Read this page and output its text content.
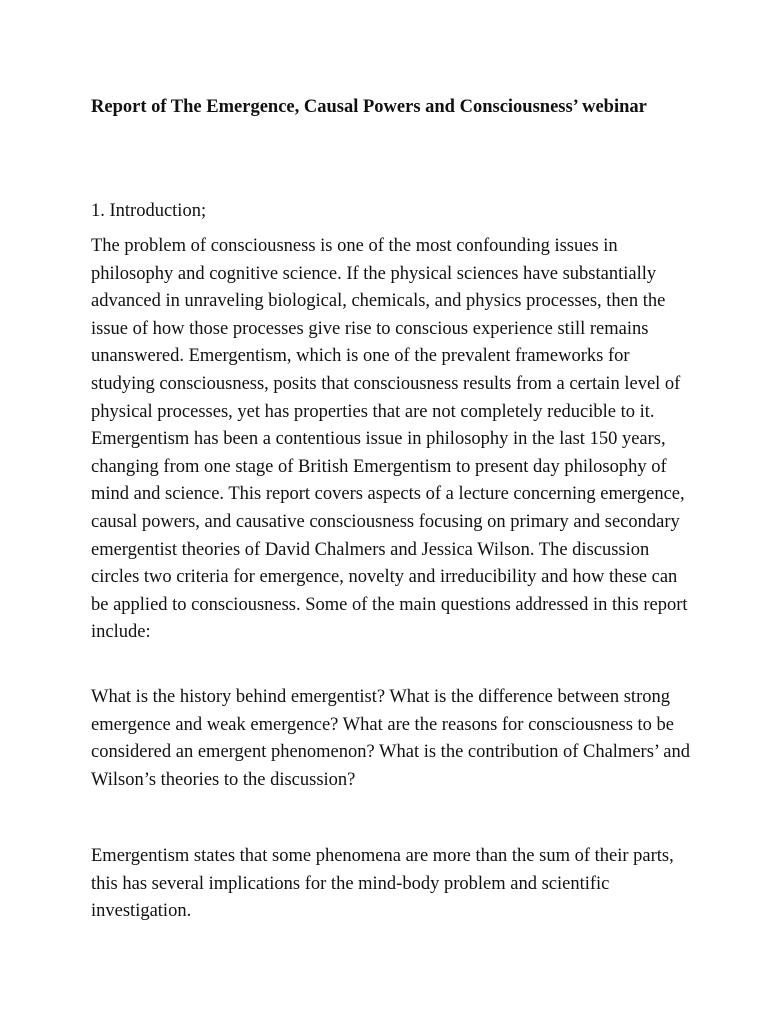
Report of The Emergence, Causal Powers and Consciousness’ webinar
1. Introduction;

The problem of consciousness is one of the most confounding issues in philosophy and cognitive science. If the physical sciences have substantially advanced in unraveling biological, chemicals, and physics processes, then the issue of how those processes give rise to conscious experience still remains unanswered. Emergentism, which is one of the prevalent frameworks for studying consciousness, posits that consciousness results from a certain level of physical processes, yet has properties that are not completely reducible to it. Emergentism has been a contentious issue in philosophy in the last 150 years, changing from one stage of British Emergentism to present day philosophy of mind and science. This report covers aspects of a lecture concerning emergence, causal powers, and causative consciousness focusing on primary and secondary emergentist theories of David Chalmers and Jessica Wilson. The discussion circles two criteria for emergence, novelty and irreducibility and how these can be applied to consciousness. Some of the main questions addressed in this report include:

What is the history behind emergentist? What is the difference between strong emergence and weak emergence? What are the reasons for consciousness to be considered an emergent phenomenon? What is the contribution of Chalmers’ and Wilson’s theories to the discussion?

Emergentism states that some phenomena are more than the sum of their parts, this has several implications for the mind-body problem and scientific investigation.
